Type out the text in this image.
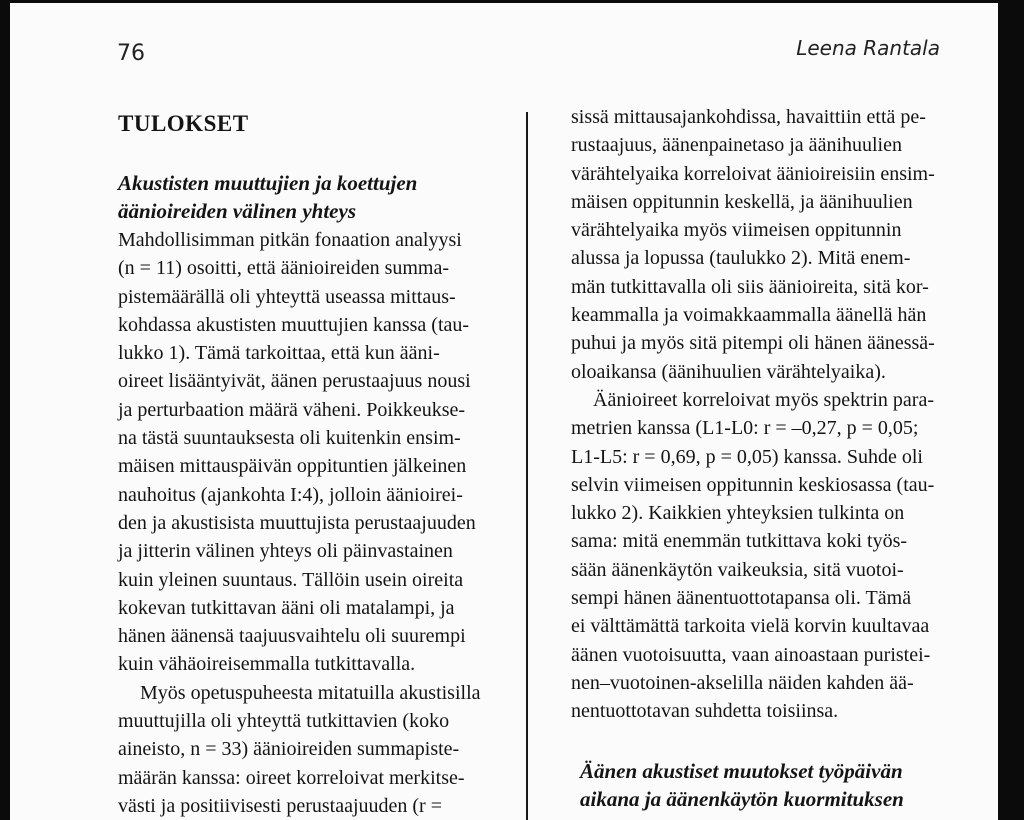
76	Leena Rantala
TULOKSET
Akustisten muuttujien ja koettujen
äänioireiden välinen yhteys
Mahdollisimman pitkän fonaation analyysi
(n = 11) osoitti, että äänioireiden summa-
pistemäärällä oli yhteyttä useassa mittaus-
kohdassa akustisten muuttujien kanssa (tau-
lukko 1). Tämä tarkoittaa, että kun ääni-
oireet lisääntyivät, äänen perustaajuus nousi
ja perturbaation määrä väheni. Poikkeukse-
na tästä suuntauksesta oli kuitenkin ensim-
mäisen mittauspäivän oppituntien jälkeinen
nauhoitus (ajankohta I:4), jolloin äänioirei-
den ja akustisista muuttujista perustaajuuden
ja jitterin välinen yhteys oli päinvastainen
kuin yleinen suuntaus. Tällöin usein oireita
kokevan tutkittavan ääni oli matalampi, ja
hänen äänensä taajuusvaihtelu oli suurempi
kuin vähäoireisemmalla tutkittavalla.
Myös opetuspuheesta mitatuilla akustisilla
muuttujilla oli yhteyttä tutkittavien (koko
aineisto, n = 33) äänioireiden summapiste-
määrän kanssa: oireet korreloivat merkitse-
västi ja positiivisesti perustaajuuden (r =
sissä mittausajankohdissa, havaittiin että pe-
rustaajuus, äänenpainetaso ja äänihuulien
värähtelyaika korreloivat äänioireisiin ensim-
mäisen oppitunnin keskellä, ja äänihuulien
värähtelyaika myös viimeisen oppitunnin
alussa ja lopussa (taulukko 2). Mitä enem-
män tutkittavalla oli siis äänioireita, sitä kor-
keammalla ja voimakkaammalla äänellä hän
puhui ja myös sitä pitempi oli hänen äänessä-
oloaikansa (äänihuulien värähtelyaika).
Äänioireet korreloivat myös spektrin para-
metrien kanssa (L1-L0: r = –0,27, p = 0,05;
L1-L5: r = 0,69, p = 0,05) kanssa. Suhde oli
selvin viimeisen oppitunnin keskiosassa (tau-
lukko 2). Kaikkien yhteyksien tulkinta on
sama: mitä enemmän tutkittava koki työs-
sään äänenkäytön vaikeuksia, sitä vuotoi-
sempi hänen äänentuottotapansa oli. Tämä
ei välttämättä tarkoita vielä korvin kuultavaa
äänen vuotoisuutta, vaan ainoastaan puristei-
nen–vuotoinen-akselilla näiden kahden ää-
nentuottotavan suhdetta toisiinsa.
Äänen akustiset muutokset työpäivän
aikana ja äänenkäytön kuormituksen
